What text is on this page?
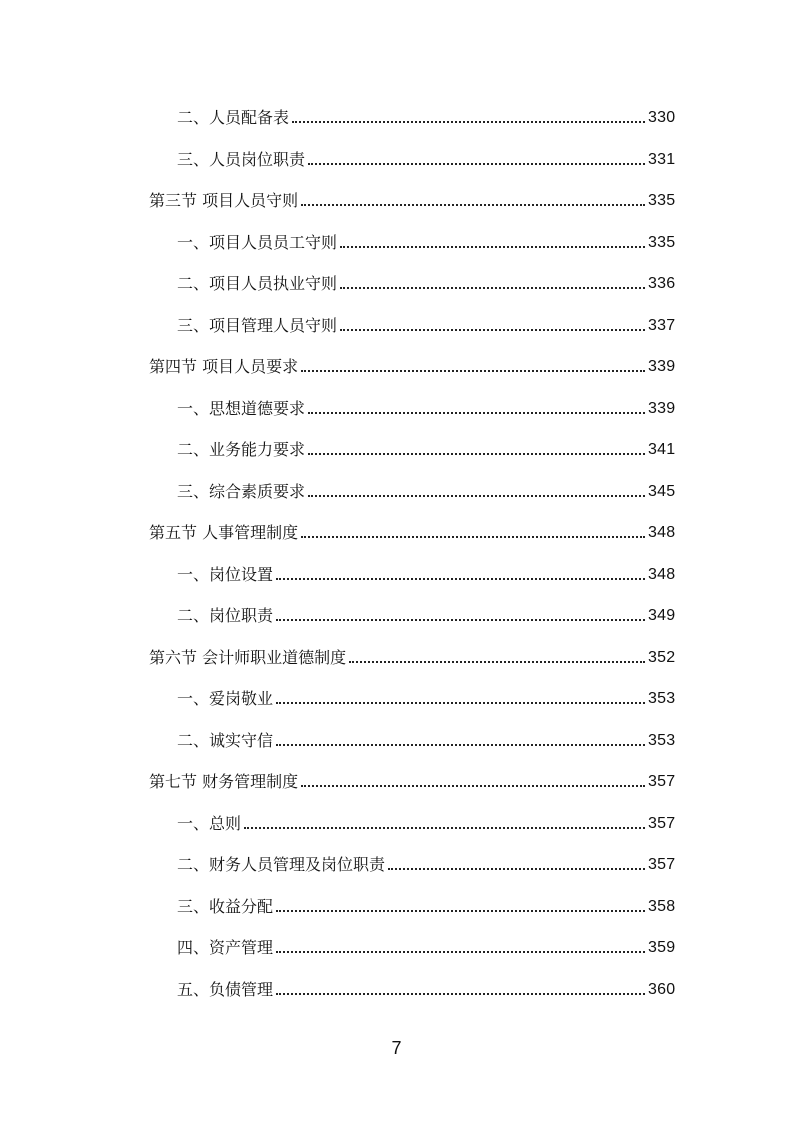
二、人员配备表	330
三、人员岗位职责	331
第三节 项目人员守则	335
一、项目人员员工守则	335
二、项目人员执业守则	336
三、项目管理人员守则	337
第四节 项目人员要求	339
一、思想道德要求	339
二、业务能力要求	341
三、综合素质要求	345
第五节 人事管理制度	348
一、岗位设置	348
二、岗位职责	349
第六节 会计师职业道德制度	352
一、爱岗敬业	353
二、诚实守信	353
第七节 财务管理制度	357
一、总则	357
二、财务人员管理及岗位职责	357
三、收益分配	358
四、资产管理	359
五、负债管理	360
7
